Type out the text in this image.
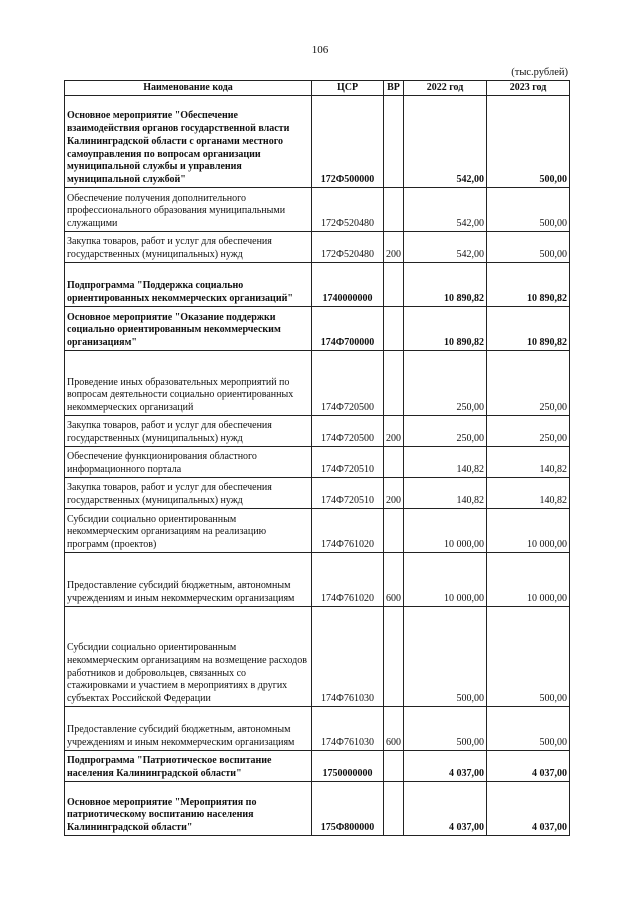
106
(тыс.рублей)
Наименование кода	ЦСР	ВР	2022 год	2023 год
Основное мероприятие "Обеспечение взаимодействия органов государственной власти Калининградской области с органами местного самоуправления по вопросам организации муниципальной службы и управления муниципальной службой"	172Ф500000		542,00	500,00
Обеспечение получения дополнительного профессионального образования муниципальными служащими	172Ф520480		542,00	500,00
Закупка товаров, работ и услуг для обеспечения государственных (муниципальных) нужд	172Ф520480	200	542,00	500,00
Подпрограмма "Поддержка социально ориентированных некоммерческих организаций"	1740000000		10 890,82	10 890,82
Основное мероприятие "Оказание поддержки социально ориентированным некоммерческим организациям"	174Ф700000		10 890,82	10 890,82
Проведение иных образовательных мероприятий по вопросам деятельности социально ориентированных некоммерческих организаций	174Ф720500		250,00	250,00
Закупка товаров, работ и услуг для обеспечения государственных (муниципальных) нужд	174Ф720500	200	250,00	250,00
Обеспечение функционирования областного информационного портала	174Ф720510		140,82	140,82
Закупка товаров, работ и услуг для обеспечения государственных (муниципальных) нужд	174Ф720510	200	140,82	140,82
Субсидии социально ориентированным некоммерческим организациям на реализацию программ (проектов)	174Ф761020		10 000,00	10 000,00
Предоставление субсидий бюджетным, автономным учреждениям и иным некоммерческим организациям	174Ф761020	600	10 000,00	10 000,00
Субсидии социально ориентированным некоммерческим организациям на возмещение расходов работников и добровольцев, связанных со стажировками и участием в мероприятиях в других субъектах Российской Федерации	174Ф761030		500,00	500,00
Предоставление субсидий бюджетным, автономным учреждениям и иным некоммерческим организациям	174Ф761030	600	500,00	500,00
Подпрограмма "Патриотическое воспитание населения Калининградской области"	1750000000		4 037,00	4 037,00
Основное мероприятие "Мероприятия по патриотическому воспитанию населения Калининградской области"	175Ф800000		4 037,00	4 037,00
